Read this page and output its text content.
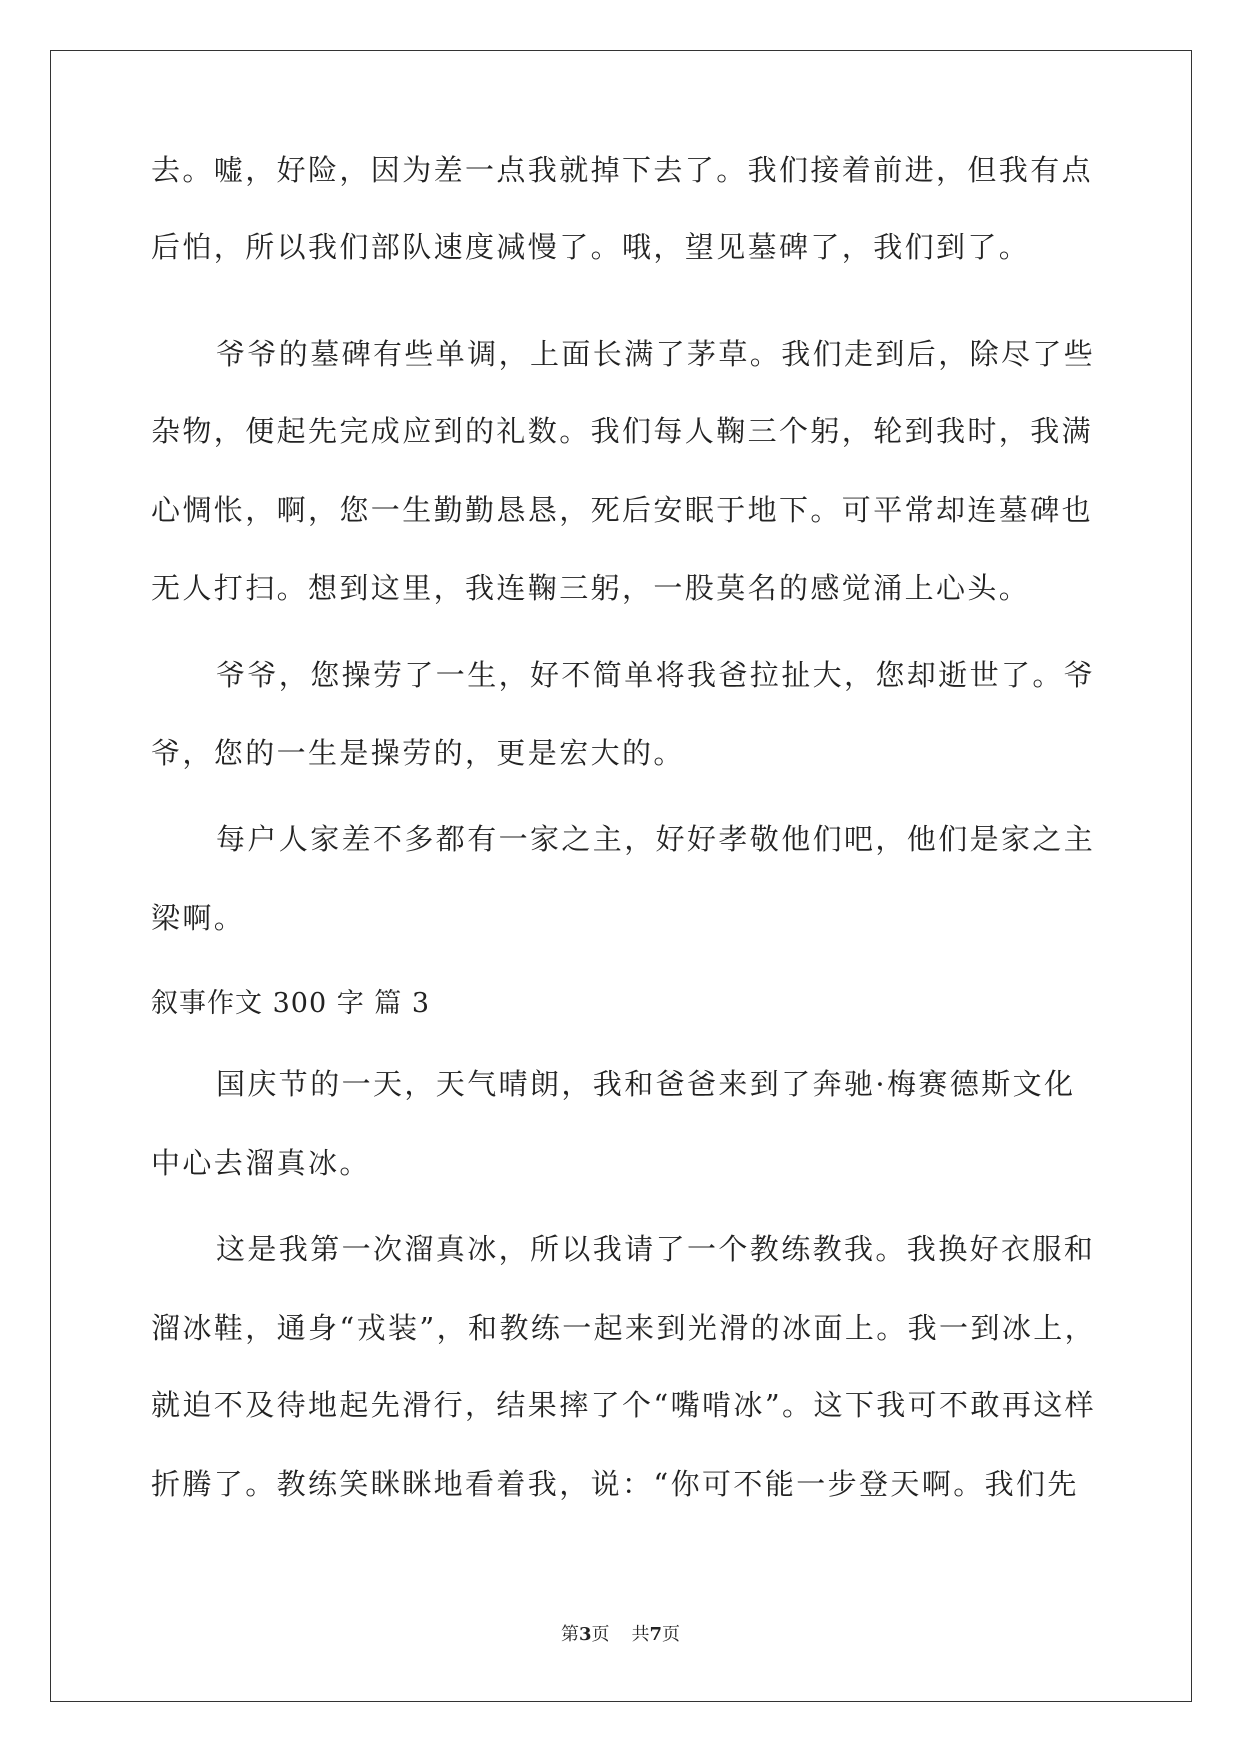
去。嘘，好险，因为差一点我就掉下去了。我们接着前进，但我有点
后怕，所以我们部队速度减慢了。哦，望见墓碑了，我们到了。
爷爷的墓碑有些单调，上面长满了茅草。我们走到后，除尽了些
杂物，便起先完成应到的礼数。我们每人鞠三个躬，轮到我时，我满
心惆怅，啊，您一生勤勤恳恳，死后安眠于地下。可平常却连墓碑也
无人打扫。想到这里，我连鞠三躬，一股莫名的感觉涌上心头。
爷爷，您操劳了一生，好不简单将我爸拉扯大，您却逝世了。爷
爷，您的一生是操劳的，更是宏大的。
每户人家差不多都有一家之主，好好孝敬他们吧，他们是家之主
梁啊。
叙事作文 300 字 篇 3
国庆节的一天，天气晴朗，我和爸爸来到了奔驰·梅赛德斯文化
中心去溜真冰。
这是我第一次溜真冰，所以我请了一个教练教我。我换好衣服和
溜冰鞋，通身“戎装”，和教练一起来到光滑的冰面上。我一到冰上，
就迫不及待地起先滑行，结果摔了个“嘴啃冰”。这下我可不敢再这样
折腾了。教练笑眯眯地看着我，说：“你可不能一步登天啊。我们先
第3页 共7页
